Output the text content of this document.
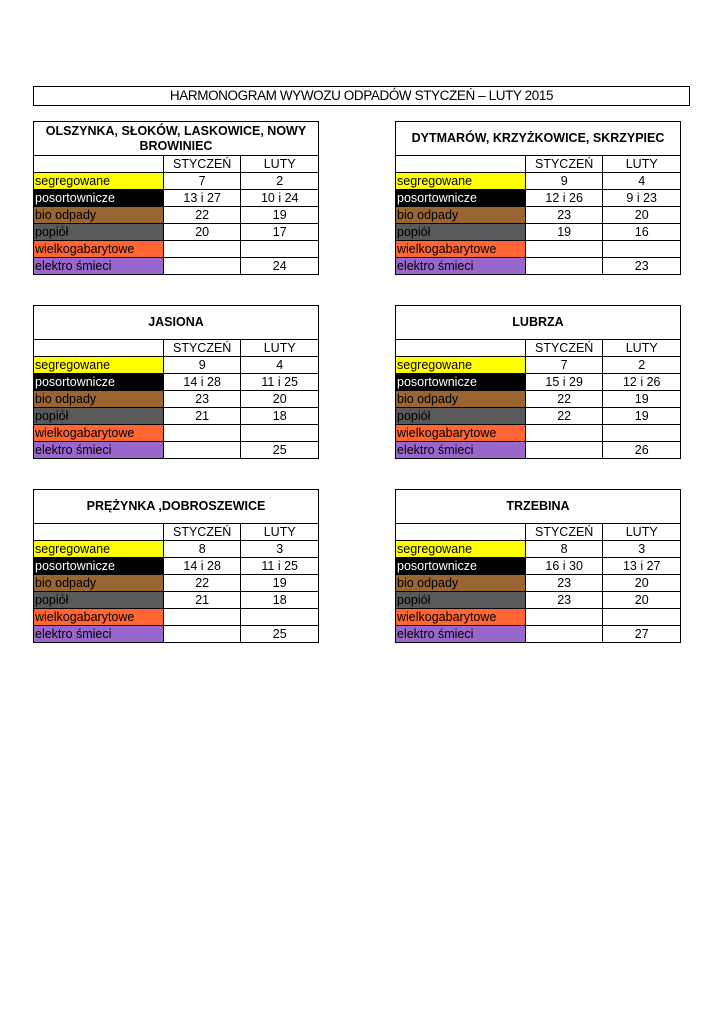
HARMONOGRAM WYWOZU ODPADÓW STYCZEŃ – LUTY 2015
OLSZYNKA, SŁOKÓW, LASKOWICE, NOWY BROWINIEC		
	STYCZEŃ	LUTY
segregowane	7	2
posortownicze	13 i 27	10 i 24
bio odpady	22	19
popiół	20	17
wielkogabarytowe		
elektro śmieci		24
DYTMARÓW, KRZYŻKOWICE, SKRZYPIEC		
	STYCZEŃ	LUTY
segregowane	9	4
posortownicze	12 i 26	9 i 23
bio odpady	23	20
popiół	19	16
wielkogabarytowe		
elektro śmieci		23
JASIONA		
	STYCZEŃ	LUTY
segregowane	9	4
posortownicze	14 i 28	11 i 25
bio odpady	23	20
popiół	21	18
wielkogabarytowe		
elektro śmieci		25
LUBRZA		
	STYCZEŃ	LUTY
segregowane	7	2
posortownicze	15 i 29	12 i 26
bio odpady	22	19
popiół	22	19
wielkogabarytowe		
elektro śmieci		26
PRĘŻYNKA ,DOBROSZEWICE		
	STYCZEŃ	LUTY
segregowane	8	3
posortownicze	14 i 28	11 i 25
bio odpady	22	19
popiół	21	18
wielkogabarytowe		
elektro śmieci		25
TRZEBINA		
	STYCZEŃ	LUTY
segregowane	8	3
posortownicze	16 i 30	13 i 27
bio odpady	23	20
popiół	23	20
wielkogabarytowe		
elektro śmieci		27
